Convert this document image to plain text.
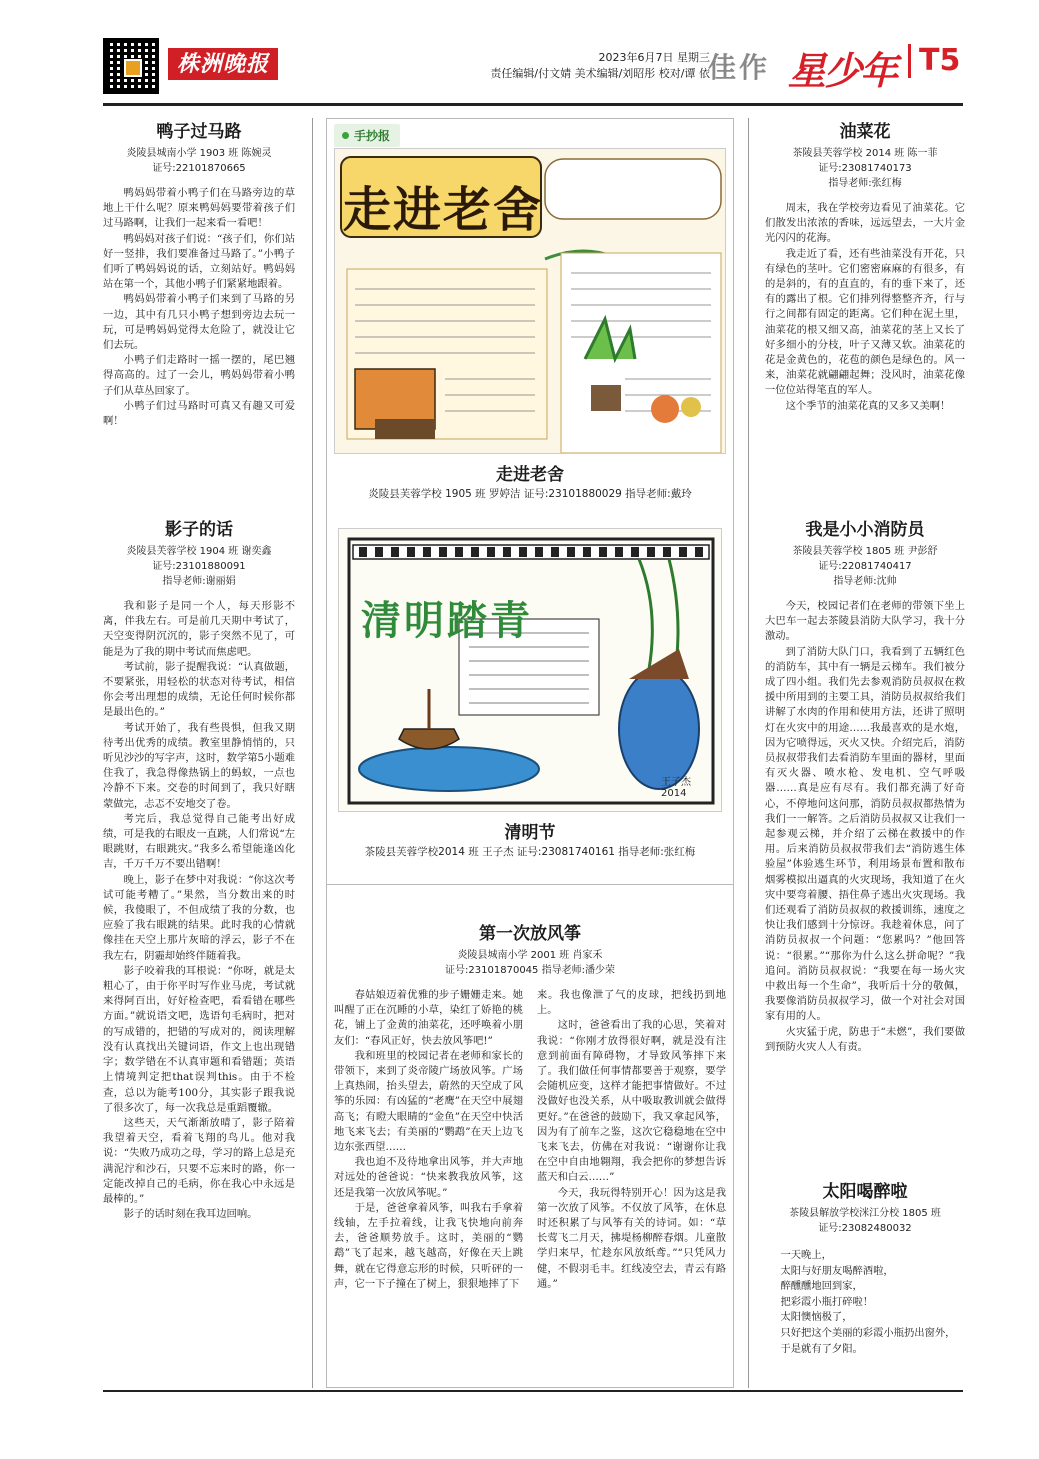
株洲晚报	2023年6月7日 星期三
责任编辑/付文婧 美术编辑/刘昭彤 校对/谭 依
佳作 星少年 T5
鸭子过马路
炎陵县城南小学 1903 班 陈婉灵
证号:22101870665

鸭妈妈带着小鸭子们在马路旁边的草地上干什么呢？原来鸭妈妈要带着孩子们过马路啊，让我们一起来看一看吧！

鸭妈妈对孩子们说：“孩子们，你们站好一竖排，我们要准备过马路了。”小鸭子们听了鸭妈妈说的话，立刻站好。鸭妈妈站在第一个，其他小鸭子们紧紧地跟着。

鸭妈妈带着小鸭子们来到了马路的另一边，其中有几只小鸭子想到旁边去玩一玩，可是鸭妈妈觉得太危险了，就没让它们去玩。

小鸭子们走路时一摇一摆的，尾巴翘得高高的。过了一会儿，鸭妈妈带着小鸭子们从草丛回家了。

小鸭子们过马路时可真又有趣又可爱啊！

影子的话
炎陵县芙蓉学校 1904 班 谢奕鑫
证号:23101880091
指导老师:谢丽娟

我和影子是同一个人，每天形影不离，伴我左右。可是前几天期中考试了，天空变得阴沉沉的，影子突然不见了，可能是为了我的期中考试而焦虑吧。

考试前，影子提醒我说：“认真做题，不要紧张，用轻松的状态对待考试，相信你会考出理想的成绩，无论任何时候你都是最出色的。”

考试开始了，我有些畏惧，但我又期待考出优秀的成绩。教室里静悄悄的，只听见沙沙的写字声，这时，数学第5小题难住我了，我急得像热锅上的蚂蚁，一点也冷静不下来。交卷的时间到了，我只好瞎蒙做完，忐忑不安地交了卷。

考完后，我总觉得自己能考出好成绩，可是我的右眼皮一直跳，人们常说“左眼跳财，右眼跳灾。”我多么希望能逢凶化吉，千万千万不要出错啊！

晚上，影子在梦中对我说：“你这次考试可能考糟了。”果然，当分数出来的时候，我傻眼了，不但成绩了我的分数，也应验了我右眼跳的结果。此时我的心情就像挂在天空上那片灰暗的浮云，影子不在我左右，阴霾却始终伴随着我。

影子咬着我的耳根说：“你呀，就是太粗心了，由于你平时写作业马虎，考试就来得阿百出，好好检查吧，看看错在哪些方面。”就说语文吧，选语句毛病时，把对的写成错的，把错的写成对的，阅读理解没有认真找出关键词语，作文上也出现错字；数学错在不认真审题和看错题；英语上情境判定把that误判this。由于不检查，总以为能考100分，其实影子跟我说了很多次了，每一次我总是重蹈覆辙。

这些天，天气渐渐放晴了，影子陪着我望着天空，看着飞翔的鸟儿。他对我说：“失败乃成功之母，学习的路上总是充满泥泞和沙石，只要不忘来时的路，你一定能改掉自己的毛病，你在我心中永远是最棒的。”

影子的话时刻在我耳边回响。

手抄报
走进老舍
走进老舍
炎陵县芙蓉学校 1905 班 罗婷洁 证号:23101880029 指导老师:戴玲
清明踏青
王子杰 2014
清明节
茶陵县芙蓉学校2014 班 王子杰 证号:23081740161 指导老师:张红梅
第一次放风筝
炎陵县城南小学 2001 班 肖家禾
证号:23101870045 指导老师:潘少荣

春姑娘迈着优雅的步子姗姗走来。她叫醒了正在沉睡的小草，染红了娇艳的桃花，铺上了金黄的油菜花，还呼唤着小朋友们：“春风正好，快去放风筝吧!”

我和班里的校园记者在老师和家长的带领下，来到了炎帝陵广场放风筝。广场上真热闹，抬头望去，蔚然的天空成了风筝的乐园：有凶猛的“老鹰”在天空中展翅高飞；有瞪大眼睛的“金鱼”在天空中快活地飞来飞去；有美丽的“鹦鹉”在天上边飞边东张西望……

我也迫不及待地拿出风筝，并大声地对远处的爸爸说：“快来教我放风筝，这还是我第一次放风筝呢。”

于是，爸爸拿着风筝，叫我右手拿着线轴，左手拉着线，让我飞快地向前奔去，爸爸顺势放手。这时，美丽的“鹦鹉”飞了起来，越飞越高，好像在天上跳舞，就在它得意忘形的时候，只听砰的一声，它一下子撞在了树上，狠狠地摔了下

来。我也像泄了气的皮球，把线扔到地上。

这时，爸爸看出了我的心思，笑着对我说：“你刚才放得很好啊，就是没有注意到前面有障碍物，才导致风筝摔下来了。我们做任何事情都要善于观察，要学会随机应变，这样才能把事情做好。不过没做好也没关系，从中吸取教训就会做得更好。”在爸爸的鼓励下，我又拿起风筝，因为有了前车之鉴，这次它稳稳地在空中飞来飞去，仿佛在对我说：“谢谢你让我在空中自由地翱翔，我会把你的梦想告诉蓝天和白云……”

今天，我玩得特别开心！因为这是我第一次放了风筝。不仅放了风筝，在休息时还积累了与风筝有关的诗词。如：“草长莺飞二月天，拂堤杨柳醉春烟。儿童散学归来早，忙趁东风放纸鸢。”“只凭风力健，不假羽毛丰。红线凌空去，青云有路通。”

油菜花
茶陵县芙蓉学校 2014 班 陈一菲
证号:23081740173
指导老师:张红梅

周末，我在学校旁边看见了油菜花。它们散发出浓浓的香味，远远望去，一大片金光闪闪的花海。

我走近了看，还有些油菜没有开花，只有绿色的茎叶。它们密密麻麻的有很多，有的是斜的，有的直直的，有的垂下来了，还有的露出了根。它们排列得整整齐齐，行与行之间都有固定的距离。它们种在泥土里，油菜花的根又细又高，油菜花的茎上又长了好多细小的分枝，叶子又薄又软。油菜花的花是金黄色的，花苞的颜色是绿色的。风一来，油菜花就翩翩起舞；没风时，油菜花像一位位站得笔直的军人。

这个季节的油菜花真的又多又美啊！

我是小小消防员
茶陵县芙蓉学校 1805 班 尹彭舒
证号:22081740417
指导老师:沈帅

今天，校园记者们在老师的带领下坐上大巴车一起去茶陵县消防大队学习，我十分激动。

到了消防大队门口，我看到了五辆红色的消防车，其中有一辆是云梯车。我们被分成了四小组。我们先去参观消防员叔叔在救援中所用到的主要工具，消防员叔叔给我们讲解了水肉的作用和使用方法，还讲了照明灯在火灾中的用途……我最喜欢的是水炮，因为它喷得远，灭火又快。介绍完后，消防员叔叔带我们去看消防车里面的器材，里面有灭火器、喷水枪、发电机、空气呼吸器……真是应有尽有。我们都充满了好奇心，不停地问这问那，消防员叔叔都热情为我们一一解答。之后消防员叔叔又让我们一起参观云梯，并介绍了云梯在救援中的作用。后来消防员叔叔带我们去“消防逃生体验屋”体验逃生环节，利用场景布置和散布烟雾模拟出逼真的火灾现场，我知道了在火灾中要弯着腰、捂住鼻子逃出火灾现场。我们还观看了消防员叔叔的救援训练，速度之快让我们感到十分惊讶。我趁着休息，问了消防员叔叔一个问题：“您累吗？”他回答说：“很累。”“那你为什么这么拼命呢？”我追问。消防员叔叔说：“我要在每一场火灾中救出每一个生命”，我听后十分的敬佩，我要像消防员叔叔学习，做一个对社会对国家有用的人。

火灾猛于虎，防患于“未燃”，我们要做到预防火灾人人有责。

太阳喝醉啦
茶陵县解放学校洣江分校 1805 班
证号:23082480032

一天晚上，

太阳与好朋友喝醉酒啦，

醉醺醺地回到家，

把彩霞小瓶打碎啦！

太阳懊恼极了，

只好把这个美丽的彩霞小瓶扔出窗外，

于是就有了夕阳。
